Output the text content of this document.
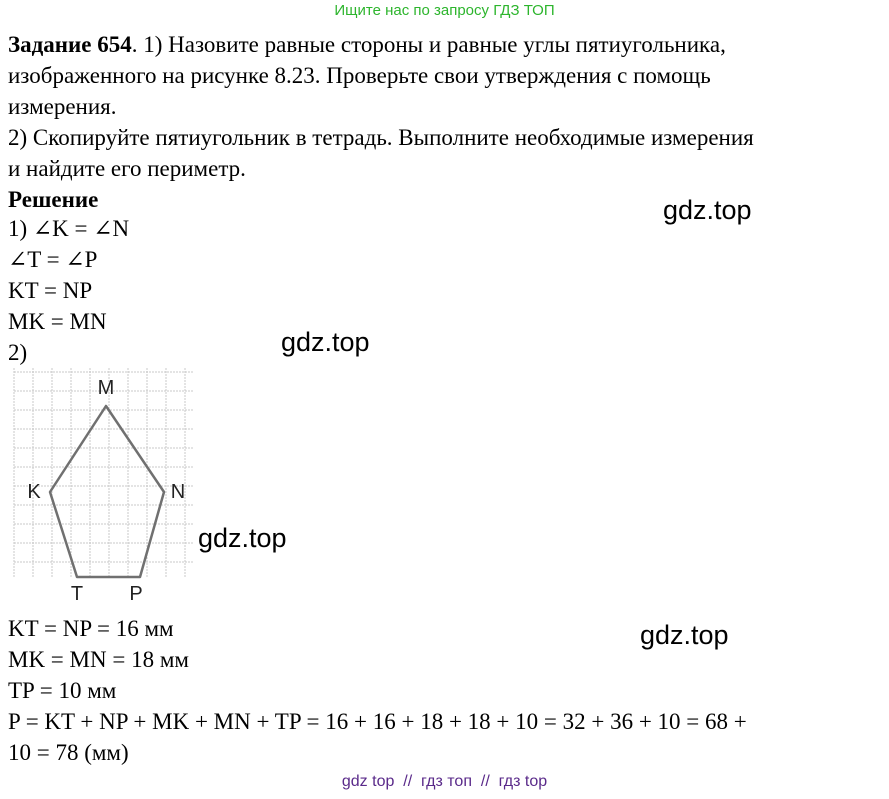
Ищите нас по запросу ГДЗ ТОП
Задание 654. 1) Назовите равные стороны и равные углы пятиугольника,
изображенного на рисунке 8.23. Проверьте свои утверждения с помощь
измерения.
2) Скопируйте пятиугольник в тетрадь. Выполните необходимые измерения
и найдите его периметр.
Решение
1) ∠K = ∠N
∠T = ∠P
KT = NP
MK = MN
2)
M
K	N
T P
KT = NP = 16 мм
MK = MN = 18 мм
TP = 10 мм
P = KT + NP + MK + MN + TP = 16 + 16 + 18 + 18 + 10 = 32 + 36 + 10 = 68 +
10 = 78 (мм)
gdz.top
gdz.top
gdz.top
gdz.top
gdz top  //  гдз топ  //  гдз top
